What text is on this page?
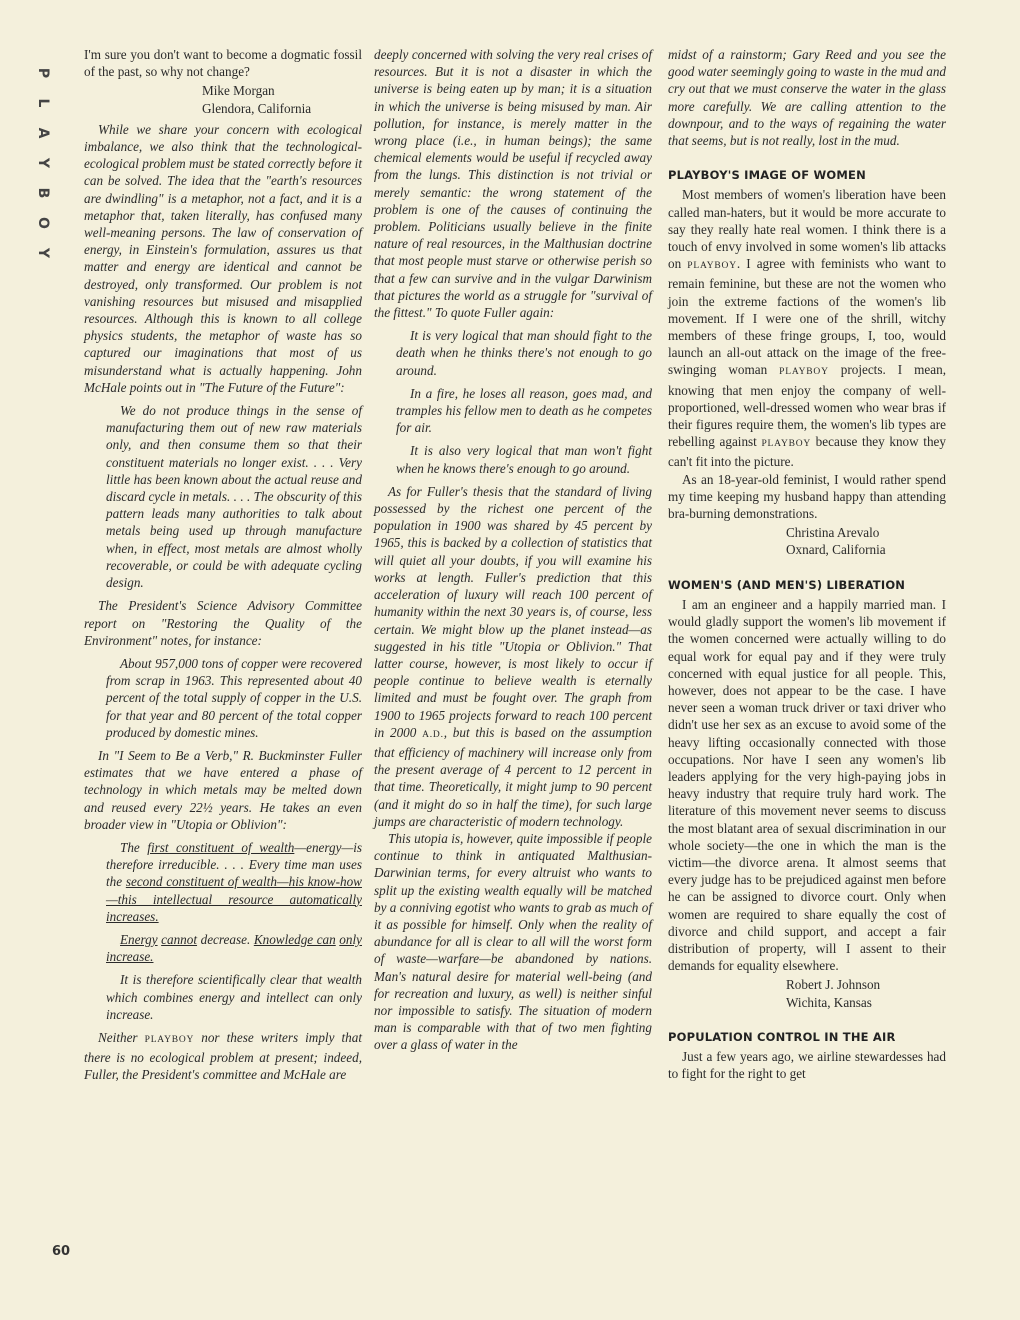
P
L
A
Y
B
O
Y
60

I'm sure you don't want to become a dogmatic fossil of the past, so why not change?

Mike Morgan
Glendora, California

While we share your concern with ecological imbalance, we also think that the technological-ecological problem must be stated correctly before it can be solved. The idea that the "earth's resources are dwindling" is a metaphor, not a fact, and it is a metaphor that, taken literally, has confused many well-meaning persons. The law of conservation of energy, in Einstein's formulation, assures us that matter and energy are identical and cannot be destroyed, only transformed. Our problem is not vanishing resources but misused and misapplied resources. Although this is known to all college physics students, the metaphor of waste has so captured our imaginations that most of us misunderstand what is actually happening. John McHale points out in "The Future of the Future":

We do not produce things in the sense of manufacturing them out of new raw materials only, and then consume them so that their constituent materials no longer exist. . . . Very little has been known about the actual reuse and discard cycle in metals. . . . The obscurity of this pattern leads many authorities to talk about metals being used up through manufacture when, in effect, most metals are almost wholly recoverable, or could be with adequate cycling design.

The President's Science Advisory Committee report on "Restoring the Quality of the Environment" notes, for instance:

About 957,000 tons of copper were recovered from scrap in 1963. This represented about 40 percent of the total supply of copper in the U.S. for that year and 80 percent of the total copper produced by domestic mines.

In "I Seem to Be a Verb," R. Buckminster Fuller estimates that we have entered a phase of technology in which metals may be melted down and reused every 22½ years. He takes an even broader view in "Utopia or Oblivion":

The first constituent of wealth—energy—is therefore irreducible. . . . Every time man uses the second constituent of wealth—his know-how—this intellectual resource automatically increases.

Energy cannot decrease. Knowledge can only increase.

It is therefore scientifically clear that wealth which combines energy and intellect can only increase.

Neither PLAYBOY nor these writers imply that there is no ecological problem at present; indeed, Fuller, the President's committee and McHale are

deeply concerned with solving the very real crises of resources. But it is not a disaster in which the universe is being eaten up by man; it is a situation in which the universe is being misused by man. Air pollution, for instance, is merely matter in the wrong place (i.e., in human beings); the same chemical elements would be useful if recycled away from the lungs. This distinction is not trivial or merely semantic: the wrong statement of the problem is one of the causes of continuing the problem. Politicians usually believe in the finite nature of real resources, in the Malthusian doctrine that most people must starve or otherwise perish so that a few can survive and in the vulgar Darwinism that pictures the world as a struggle for "survival of the fittest." To quote Fuller again:

It is very logical that man should fight to the death when he thinks there's not enough to go around.

In a fire, he loses all reason, goes mad, and tramples his fellow men to death as he competes for air.

It is also very logical that man won't fight when he knows there's enough to go around.

As for Fuller's thesis that the standard of living possessed by the richest one percent of the population in 1900 was shared by 45 percent by 1965, this is backed by a collection of statistics that will quiet all your doubts, if you will examine his works at length. Fuller's prediction that this acceleration of luxury will reach 100 percent of humanity within the next 30 years is, of course, less certain. We might blow up the planet instead—as suggested in his title "Utopia or Oblivion." That latter course, however, is most likely to occur if people continue to believe wealth is eternally limited and must be fought over. The graph from 1900 to 1965 projects forward to reach 100 percent in 2000 A.D., but this is based on the assumption that efficiency of machinery will increase only from the present average of 4 percent to 12 percent in that time. Theoretically, it might jump to 90 percent (and it might do so in half the time), for such large jumps are characteristic of modern technology.

This utopia is, however, quite impossible if people continue to think in antiquated Malthusian-Darwinian terms, for every altruist who wants to split up the existing wealth equally will be matched by a conniving egotist who wants to grab as much of it as possible for himself. Only when the reality of abundance for all is clear to all will the worst form of waste—warfare—be abandoned by nations. Man's natural desire for material well-being (and for recreation and luxury, as well) is neither sinful nor impossible to satisfy. The situation of modern man is comparable with that of two men fighting over a glass of water in the

midst of a rainstorm; Gary Reed and you see the good water seemingly going to waste in the mud and cry out that we must conserve the water in the glass more carefully. We are calling attention to the downpour, and to the ways of regaining the water that seems, but is not really, lost in the mud.

PLAYBOY'S IMAGE OF WOMEN

Most members of women's liberation have been called man-haters, but it would be more accurate to say they really hate real women. I think there is a touch of envy involved in some women's lib attacks on PLAYBOY. I agree with feminists who want to remain feminine, but these are not the women who join the extreme factions of the women's lib movement. If I were one of the shrill, witchy members of these fringe groups, I, too, would launch an all-out attack on the image of the free-swinging woman PLAYBOY projects. I mean, knowing that men enjoy the company of well-proportioned, well-dressed women who wear bras if their figures require them, the women's lib types are rebelling against PLAYBOY because they know they can't fit into the picture.

As an 18-year-old feminist, I would rather spend my time keeping my husband happy than attending bra-burning demonstrations.

Christina Arevalo
Oxnard, California
WOMEN'S (AND MEN'S) LIBERATION

I am an engineer and a happily married man. I would gladly support the women's lib movement if the women concerned were actually willing to do equal work for equal pay and if they were truly concerned with equal justice for all people. This, however, does not appear to be the case. I have never seen a woman truck driver or taxi driver who didn't use her sex as an excuse to avoid some of the heavy lifting occasionally connected with those occupations. Nor have I seen any women's lib leaders applying for the very high-paying jobs in heavy industry that require truly hard work. The literature of this movement never seems to discuss the most blatant area of sexual discrimination in our whole society—the one in which the man is the victim—the divorce arena. It almost seems that every judge has to be prejudiced against men before he can be assigned to divorce court. Only when women are required to share equally the cost of divorce and child support, and accept a fair distribution of property, will I assent to their demands for equality elsewhere.

Robert J. Johnson
Wichita, Kansas
POPULATION CONTROL IN THE AIR

Just a few years ago, we airline stewardesses had to fight for the right to get
